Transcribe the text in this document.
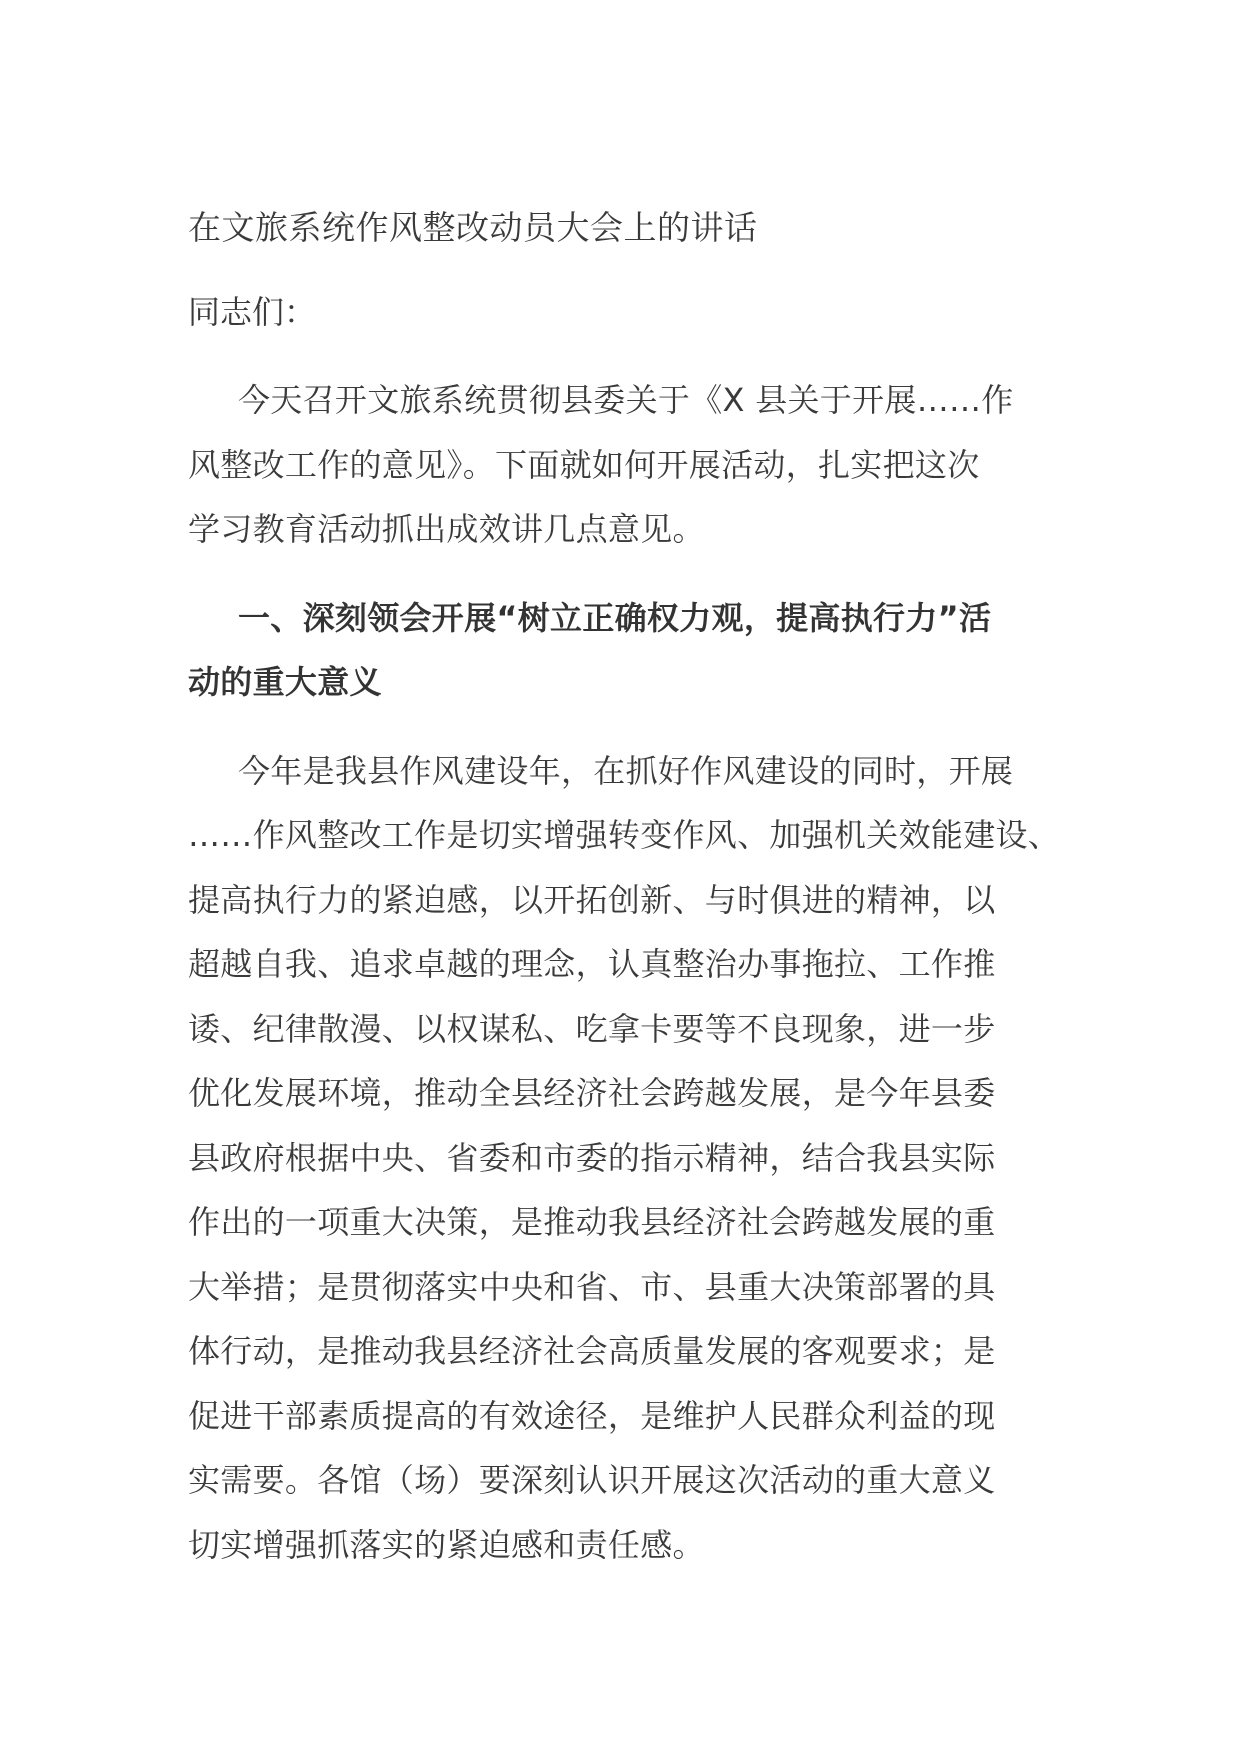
在文旅系统作风整改动员大会上的讲话

同志们：

今天召开文旅系统贯彻县委关于《X 县关于开展……作

风整改工作的意见》。下面就如何开展活动，扎实把这次

学习教育活动抓出成效讲几点意见。

一、深刻领会开展“树立正确权力观，提高执行力”活

动的重大意义

今年是我县作风建设年，在抓好作风建设的同时，开展

……作风整改工作是切实增强转变作风、加强机关效能建设、

提高执行力的紧迫感，以开拓创新、与时俱进的精神，以

超越自我、追求卓越的理念，认真整治办事拖拉、工作推

诿、纪律散漫、以权谋私、吃拿卡要等不良现象，进一步

优化发展环境，推动全县经济社会跨越发展，是今年县委

县政府根据中央、省委和市委的指示精神，结合我县实际

作出的一项重大决策，是推动我县经济社会跨越发展的重

大举措；是贯彻落实中央和省、市、县重大决策部署的具

体行动，是推动我县经济社会高质量发展的客观要求；是

促进干部素质提高的有效途径，是维护人民群众利益的现

实需要。各馆（场）要深刻认识开展这次活动的重大意义

切实增强抓落实的紧迫感和责任感。
